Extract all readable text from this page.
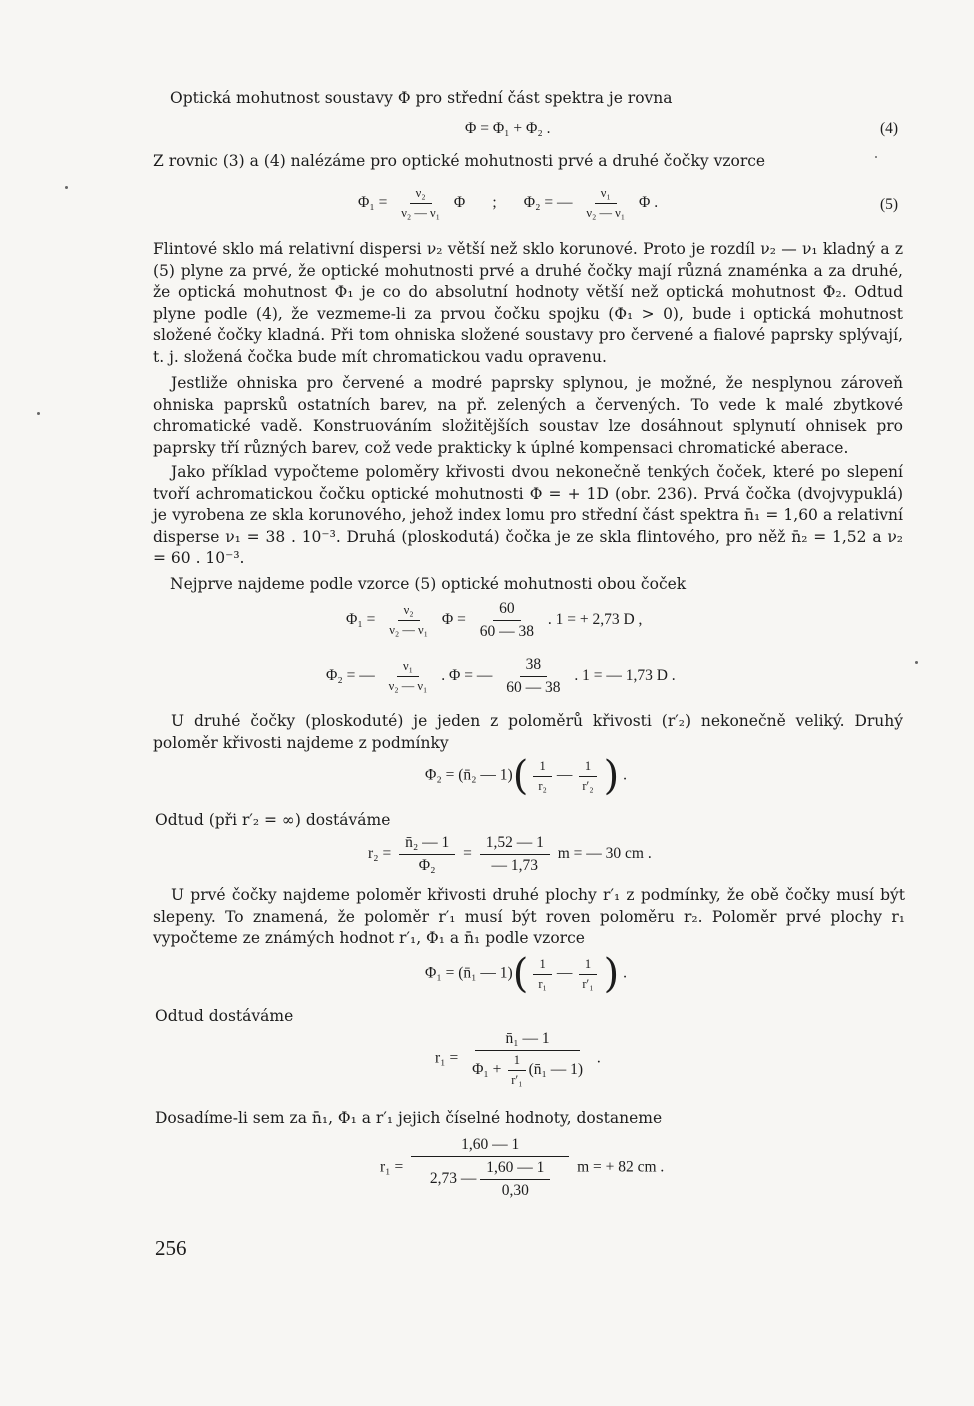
Optická mohutnost soustavy Φ pro střední část spektra je rovna
Φ = Φ₁ + Φ₂ .	(4)
Z rovnic (3) a (4) nalézáme pro optické mohutnosti prvé a druhé čočky vzorce
$\Phi_1 = \frac{\text{ν₂}}{\text{ν₂ — ν₁}}$ Φ       ;       Φ₂ = — $\frac{\text{ν₁}}{\text{ν₂ — ν₁}}$ Φ .	(5)
Flintové sklo má relativní dispersi ν₂ větší než sklo korunové. Proto je rozdíl ν₂ — ν₁ kladný a z (5) plyne za prvé, že optické mohutnosti prvé a druhé čočky mají různá znaménka a za druhé, že optická mohutnost Φ₁ je co do absolutní hodnoty větší než optická mohutnost Φ₂. Odtud plyne podle (4), že vezmeme-li za prvou čočku spojku (Φ₁ > 0), bude i optická mohutnost složené čočky kladná. Při tom ohniska složené soustavy pro červené a fialové paprsky splývají, t. j. složená čočka bude mít chromatickou vadu opravenu.
Jestliže ohniska pro červené a modré paprsky splynou, je možné, že nesplynou zároveň ohniska paprsků ostatních barev, na př. zelených a červených. To vede k malé zbytkové chromatické vadě. Konstruováním složitějších soustav lze dosáhnout splynutí ohnisek pro paprsky tří různých barev, což vede prakticky k úplné kompensaci chromatické aberace.
Jako příklad vypočteme poloměry křivosti dvou nekonečně tenkých čoček, které po slepení tvoří achromatickou čočku optické mohutnosti Φ = + 1D (obr. 236). Prvá čočka (dvojvypuklá) je vyrobena ze skla korunového, jehož index lomu pro střední část spektra n̄₁ = 1,60 a relativní disperse ν₁ = 38 . 10⁻³. Druhá (ploskodutá) čočka je ze skla flintového, pro něž n̄₂ = 1,52 a ν₂ = 60 . 10⁻³.
Nejprve najdeme podle vzorce (5) optické mohutnosti obou čoček
$\Phi_1 = \frac{\text{ν₂}}{\text{ν₂ — ν₁}}$ $\Phi = \frac{60}{60 — 38}$ . 1 = + 2,73 D ,
Φ₂ = — $\frac{\text{ν₁}}{\text{ν₂ — ν₁}}$ . Φ = — $\frac{38}{60 — 38}$ . 1 = — 1,73 D .
U druhé čočky (ploskoduté) je jeden z poloměrů křivosti (r′₂) nekonečně veliký. Druhý poloměr křivosti najdeme z podmínky
Φ₂ = (n̄₂ — $1)( \frac{1}{\text{r₂}}$ — $\frac{1}{\text{r′₂}}$ ) .
Odtud (při r′₂ = ∞) dostáváme
$r_2 = \frac{\text{n̄₂ — 1}}{\text{Φ₂}} = \frac{1,52 — 1}{— 1,73}$ m = — 30 cm .
U prvé čočky najdeme poloměr křivosti druhé plochy r′₁ z podmínky, že obě čočky musí být slepeny. To znamená, že poloměr r′₁ musí být roven poloměru r₂. Poloměr prvé plochy r₁ vypočteme ze známých hodnot r′₁, Φ₁ a n̄₁ podle vzorce
Φ₁ = (n̄₁ — $1)( \frac{1}{\text{r₁}}$ — $\frac{1}{\text{r′₁}}$ ) .
Odtud dostáváme
$r_1 = \frac{\text{n̄₁ — 1}}{\Phi_1 + \frac{1}{\text{r′₁}} (n̄_1 — 1)}$ .
Dosadíme-li sem za n̄₁, Φ₁ a r′₁ jejich číselné hodnoty, dostaneme
$r_1 = \frac{1,60 — 1}{2,73 — \frac{1,60 — 1}{0,30}}$ m = + 82 cm .
256
